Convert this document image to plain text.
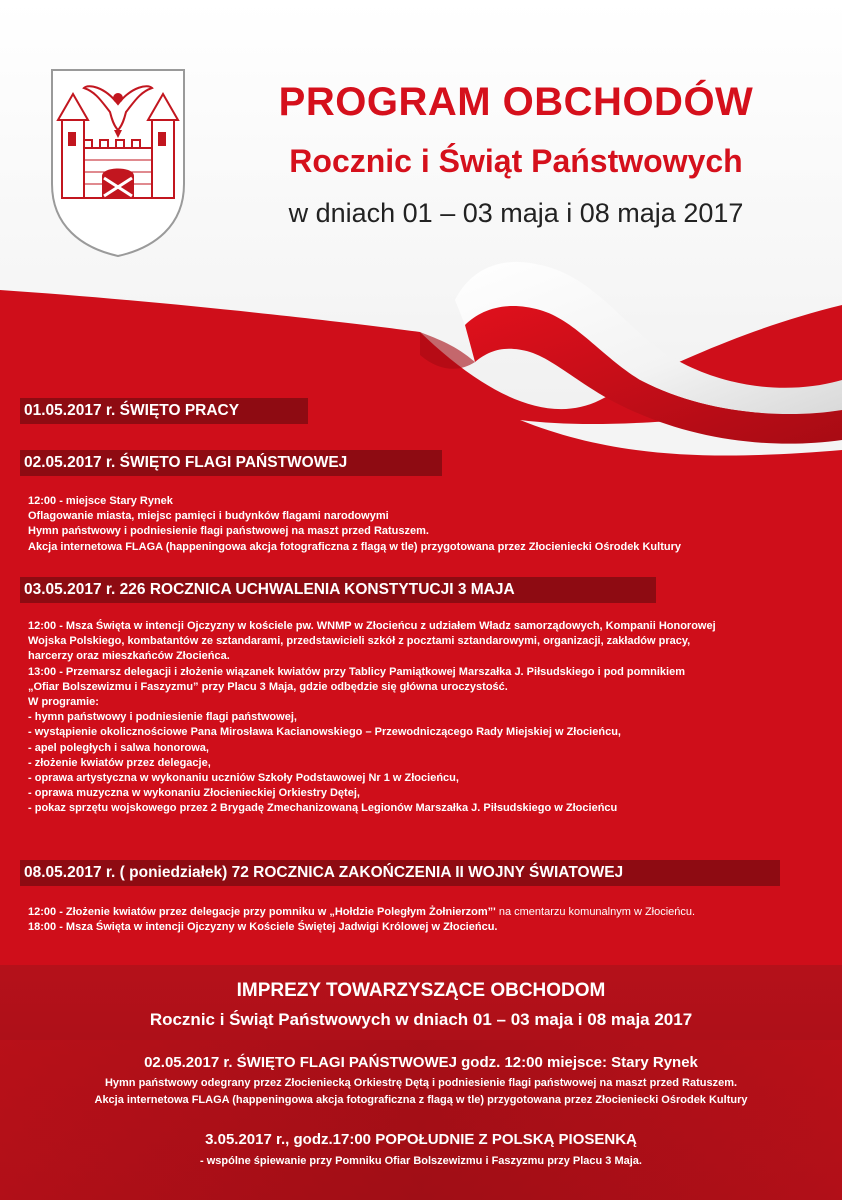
PROGRAM OBCHODÓW
Rocznic i Świąt Państwowych
w dniach 01 – 03 maja i 08 maja 2017
01.05.2017 r. ŚWIĘTO PRACY
02.05.2017 r. ŚWIĘTO FLAGI PAŃSTWOWEJ
12:00 - miejsce Stary Rynek
Oflagowanie miasta, miejsc pamięci i budynków flagami narodowymi
Hymn państwowy i podniesienie flagi państwowej na maszt przed Ratuszem.
Akcja internetowa FLAGA (happeningowa akcja fotograficzna z flagą w tle) przygotowana przez Złocieniecki Ośrodek Kultury
03.05.2017 r. 226 ROCZNICA UCHWALENIA KONSTYTUCJI 3 MAJA
12:00 - Msza Święta w intencji Ojczyzny w kościele pw. WNMP w Złocieńcu z udziałem Władz samorządowych, Kompanii Honorowej
Wojska Polskiego, kombatantów ze sztandarami, przedstawicieli szkół z pocztami sztandarowymi, organizacji, zakładów pracy,
harcerzy oraz mieszkańców Złocieńca.
13:00 - Przemarsz delegacji i złożenie wiązanek kwiatów przy Tablicy Pamiątkowej Marszałka J. Piłsudskiego i pod pomnikiem
„Ofiar Bolszewizmu i Faszyzmu” przy Placu 3 Maja, gdzie odbędzie się główna uroczystość.
W programie:
- hymn państwowy i podniesienie flagi państwowej,
- wystąpienie okolicznościowe Pana Mirosława Kacianowskiego – Przewodniczącego Rady Miejskiej w Złocieńcu,
- apel poległych i salwa honorowa,
- złożenie kwiatów przez delegacje,
- oprawa artystyczna w wykonaniu uczniów Szkoły Podstawowej Nr 1 w Złocieńcu,
- oprawa muzyczna w wykonaniu Złocienieckiej Orkiestry Dętej,
- pokaz sprzętu wojskowego przez 2 Brygadę Zmechanizowaną Legionów Marszałka J. Piłsudskiego w Złocieńcu
08.05.2017 r. ( poniedziałek) 72 ROCZNICA ZAKOŃCZENIA II WOJNY ŚWIATOWEJ
12:00 - Złożenie kwiatów przez delegacje przy pomniku w „Hołdzie Poległym Żołnierzom”' na cmentarzu komunalnym w Złocieńcu.
18:00 - Msza Święta w intencji Ojczyzny w Kościele Świętej Jadwigi Królowej w Złocieńcu.
IMPREZY TOWARZYSZĄCE OBCHODOM
Rocznic i Świąt Państwowych w dniach 01 – 03 maja i 08 maja 2017
02.05.2017 r. ŚWIĘTO FLAGI PAŃSTWOWEJ godz. 12:00 miejsce: Stary Rynek
Hymn państwowy odegrany przez Złocieniecką Orkiestrę Dętą i podniesienie flagi państwowej na maszt przed Ratuszem.
Akcja internetowa FLAGA (happeningowa akcja fotograficzna z flagą w tle) przygotowana przez Złocieniecki Ośrodek Kultury
3.05.2017 r., godz.17:00 POPOŁUDNIE Z POLSKĄ PIOSENKĄ
- wspólne śpiewanie przy Pomniku Ofiar Bolszewizmu i Faszyzmu przy Placu 3 Maja.
